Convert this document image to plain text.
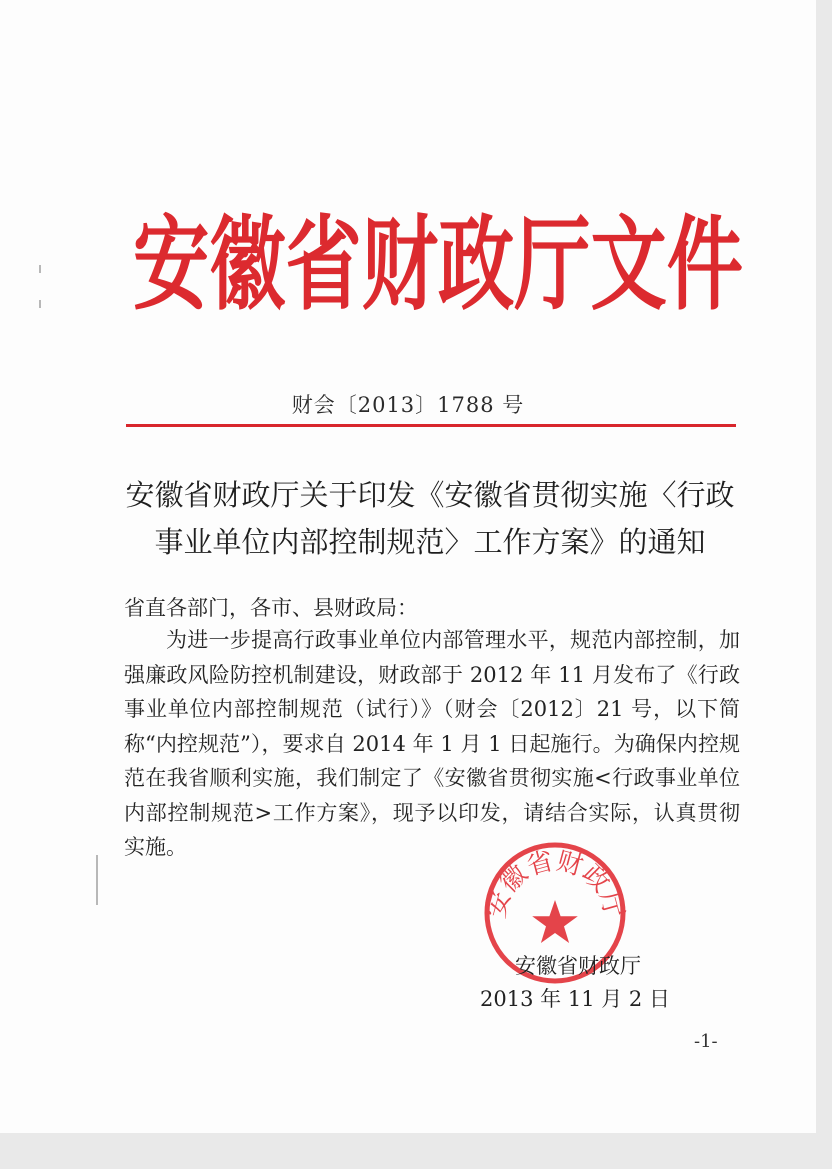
安徽省财政厅文件
财会〔2013〕1788 号
安徽省财政厅关于印发《安徽省贯彻实施〈行政
事业单位内部控制规范〉工作方案》的通知
省直各部门，各市、县财政局：

为进一步提高行政事业单位内部管理水平，规范内部控制，加强廉政风险防控机制建设，财政部于 2012 年 11 月发布了《行政事业单位内部控制规范（试行）》（财会〔2012〕21 号，以下简称“内控规范”），要求自 2014 年 1 月 1 日起施行。为确保内控规范在我省顺利实施，我们制定了《安徽省贯彻实施<行政事业单位内部控制规范>工作方案》，现予以印发，请结合实际，认真贯彻实施。

安徽省财政厅
安徽省财政厅
2013 年 11 月 2 日
-1-
